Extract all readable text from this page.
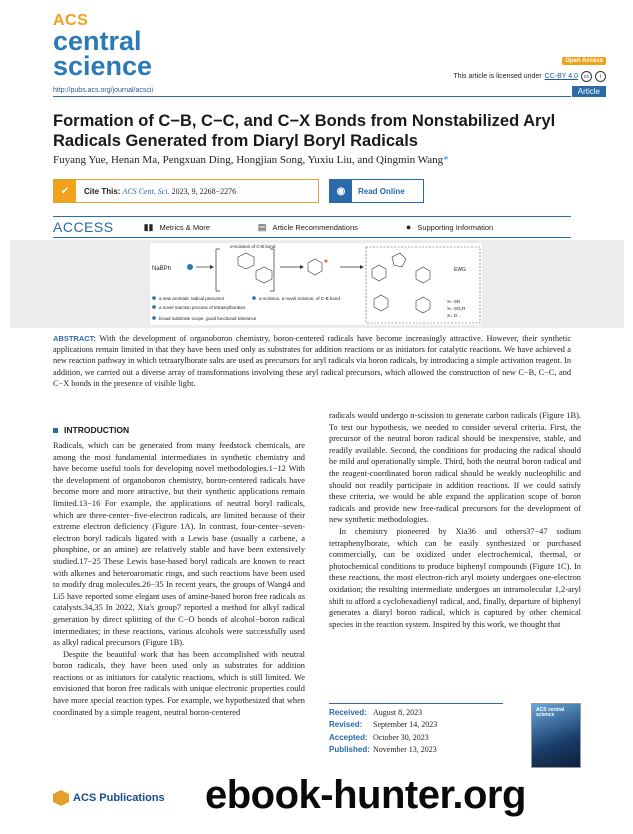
ACS
central
science	Open Access
This article is licensed under CC-BY 4.0	cc	i
http://pubs.acs.org/journal/acscii	Article
Formation of C−B, C−C, and C−X Bonds from Nonstabilized Aryl Radicals Generated from Diaryl Boryl Radicals
Fuyang Yue, Henan Ma, Pengxuan Ding, Hongjian Song, Yuxiu Liu, and Qingmin Wang*
✔	Cite This: ACS Cent. Sci. 2023, 9, 2268−2276	◉	Read Online
ACCESS	▮▮ Metrics & More	▤ Article Recommendations	● Supporting Information
NaBPh
α-scission of C-B bond
EWG
X= SR
X= SO₂R
X= D...
a new aromatic radical precursor	α-scission, a novel scission, of C-B bond
a novel reaction process of tetraarylborates
broad substrate scope, good functional tolerance
ABSTRACT: With the development of organoboron chemistry, boron-centered radicals have become increasingly attractive. However, their synthetic applications remain limited in that they have been used only as substrates for addition reactions or as initiators for catalytic reactions. We have achieved a new reaction pathway in which tetraarylborate salts are used as precursors for aryl radicals via boron radicals, by introducing a simple activation reagent. In addition, we carried out a diverse array of transformations involving these aryl radical precursors, which allowed the construction of new C−B, C−C, and C−X bonds in the presence of visible light.
INTRODUCTION

Radicals, which can be generated from many feedstock chemicals, are among the most fundamental intermediates in synthetic chemistry and have become useful tools for developing novel methodologies.1−12 With the development of organoboron chemistry, boron-centered radicals have become more and more attractive, but their synthetic applications remain limited.13−16 For example, the applications of neutral boryl radicals, which are three-center−five-electron radicals, are limited because of their extreme electron deficiency (Figure 1A). In contrast, four-center−seven-electron boryl radicals ligated with a Lewis base (usually a carbene, a phosphine, or an amine) are relatively stable and have been extensively studied.17−25 These Lewis base-based boryl radicals are known to react with alkenes and heteroaromatic rings, and such reactions have been used to modify drug molecules.26−35 In recent years, the groups of Wang4 and Li5 have reported some elegant uses of amine-based boron free radicals as catalysts.34,35 In 2022, Xia's group7 reported a method for alkyl radical generation by direct splitting of the C−O bonds of alcohol−boron radical intermediates; in these reactions, various alcohols were successfully used as alkyl radical precursors (Figure 1B).

Despite the beautiful work that has been accomplished with neutral boron radicals, they have been used only as substrates for addition reactions or as initiators for catalytic reactions, which is still limited. We envisioned that boron free radicals with unique electronic properties could have more special reaction types. For example, we hypothesized that when coordinated by a simple reagent, neutral boron-centered

radicals would undergo α-scission to generate carbon radicals (Figure 1B). To test our hypothesis, we needed to consider several criteria. First, the precursor of the neutral boron radical should be inexpensive, stable, and readily available. Second, the conditions for producing the radical should be mild and operationally simple. Third, both the neutral boron radical and the reagent-coordinated boron radical should be weakly nucleophilic and should not readily participate in addition reactions. If we could satisfy these criteria, we would be able expand the application scope of boron radicals and provide new free-radical precursors for the development of new synthetic methodologies.

In chemistry pioneered by Xia36 and others37−47 sodium tetraphenylborate, which can be easily synthesized or purchased commercially, can be oxidized under electrochemical, thermal, or photochemical conditions to produce biphenyl compounds (Figure 1C). In these reactions, the most electron-rich aryl moiety undergoes one-electron oxidation; the resulting intermediate undergoes an intramolecular 1,2-aryl shift to afford a cyclohexadienyl radical, and, finally, departure of biphenyl generates a diaryl boron radical, which is captured by other chemical species in the reaction system. Inspired by this work, we thought that

Received: August 8, 2023
Revised: September 14, 2023
Accepted: October 30, 2023
Published: November 13, 2023
ACS central science
ACS Publications ebook-hunter.org
